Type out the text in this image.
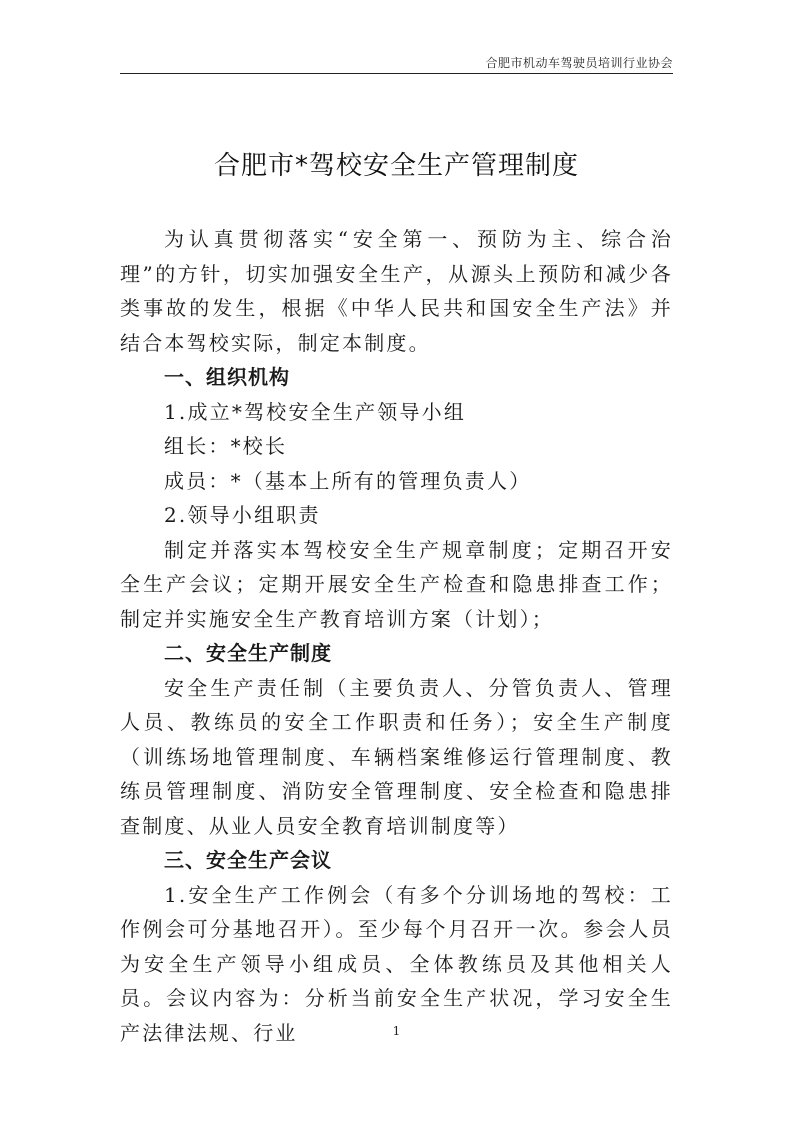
合肥市机动车驾驶员培训行业协会
合肥市*驾校安全生产管理制度

为认真贯彻落实“安全第一、预防为主、综合治理”的方针，切实加强安全生产，从源头上预防和减少各类事故的发生，根据《中华人民共和国安全生产法》并结合本驾校实际，制定本制度。

一、组织机构

1.成立*驾校安全生产领导小组

组长：*校长

成员：*（基本上所有的管理负责人）

2.领导小组职责

制定并落实本驾校安全生产规章制度；定期召开安全生产会议；定期开展安全生产检查和隐患排查工作；制定并实施安全生产教育培训方案（计划）；

二、安全生产制度

安全生产责任制（主要负责人、分管负责人、管理人员、教练员的安全工作职责和任务）；安全生产制度（训练场地管理制度、车辆档案维修运行管理制度、教练员管理制度、消防安全管理制度、安全检查和隐患排查制度、从业人员安全教育培训制度等）

三、安全生产会议

1.安全生产工作例会（有多个分训场地的驾校：工作例会可分基地召开）。至少每个月召开一次。参会人员为安全生产领导小组成员、全体教练员及其他相关人员。会议内容为：分析当前安全生产状况，学习安全生产法律法规、行业	1
